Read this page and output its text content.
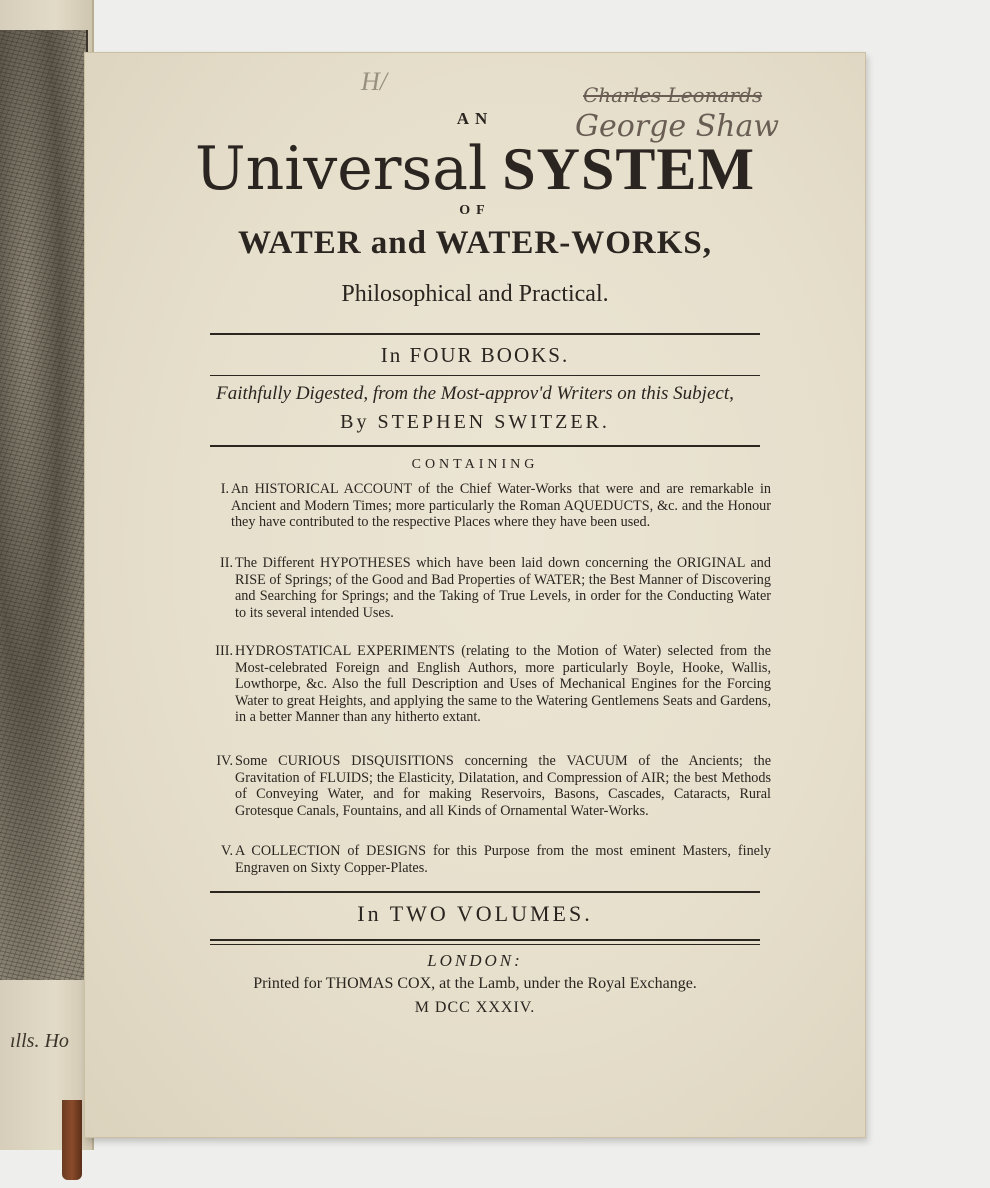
ılls. Ho
H/	Charles Leonards
George Shaw
AN
Universal SYSTEM
OF
WATER and WATER-WORKS,
Philosophical and Practical.
In FOUR BOOKS.
Faithfully Digested, from the Most-approv'd Writers on this Subject,
By STEPHEN SWITZER.
CONTAINING
I. An HISTORICAL ACCOUNT of the Chief Water-Works that were and are remarkable in Ancient and Modern Times; more particularly the Roman AQUEDUCTS, &c. and the Honour they have contributed to the respective Places where they have been used.
II. The Different HYPOTHESES which have been laid down concerning the ORIGINAL and RISE of Springs; of the Good and Bad Properties of WATER; the Best Manner of Discovering and Searching for Springs; and the Taking of True Levels, in order for the Conducting Water to its several intended Uses.
III. HYDROSTATICAL EXPERIMENTS (relating to the Motion of Water) selected from the Most-celebrated Foreign and English Authors, more particularly Boyle, Hooke, Wallis, Lowthorpe, &c. Also the full Description and Uses of Mechanical Engines for the Forcing Water to great Heights, and applying the same to the Watering Gentlemens Seats and Gardens, in a better Manner than any hitherto extant.
IV. Some CURIOUS DISQUISITIONS concerning the VACUUM of the Ancients; the Gravitation of FLUIDS; the Elasticity, Dilatation, and Compression of AIR; the best Methods of Conveying Water, and for making Reservoirs, Basons, Cascades, Cataracts, Rural Grotesque Canals, Fountains, and all Kinds of Ornamental Water-Works.
V. A COLLECTION of DESIGNS for this Purpose from the most eminent Masters, finely Engraven on Sixty Copper-Plates.
In TWO VOLUMES.
LONDON:
Printed for THOMAS COX, at the Lamb, under the Royal Exchange.
M DCC XXXIV.
